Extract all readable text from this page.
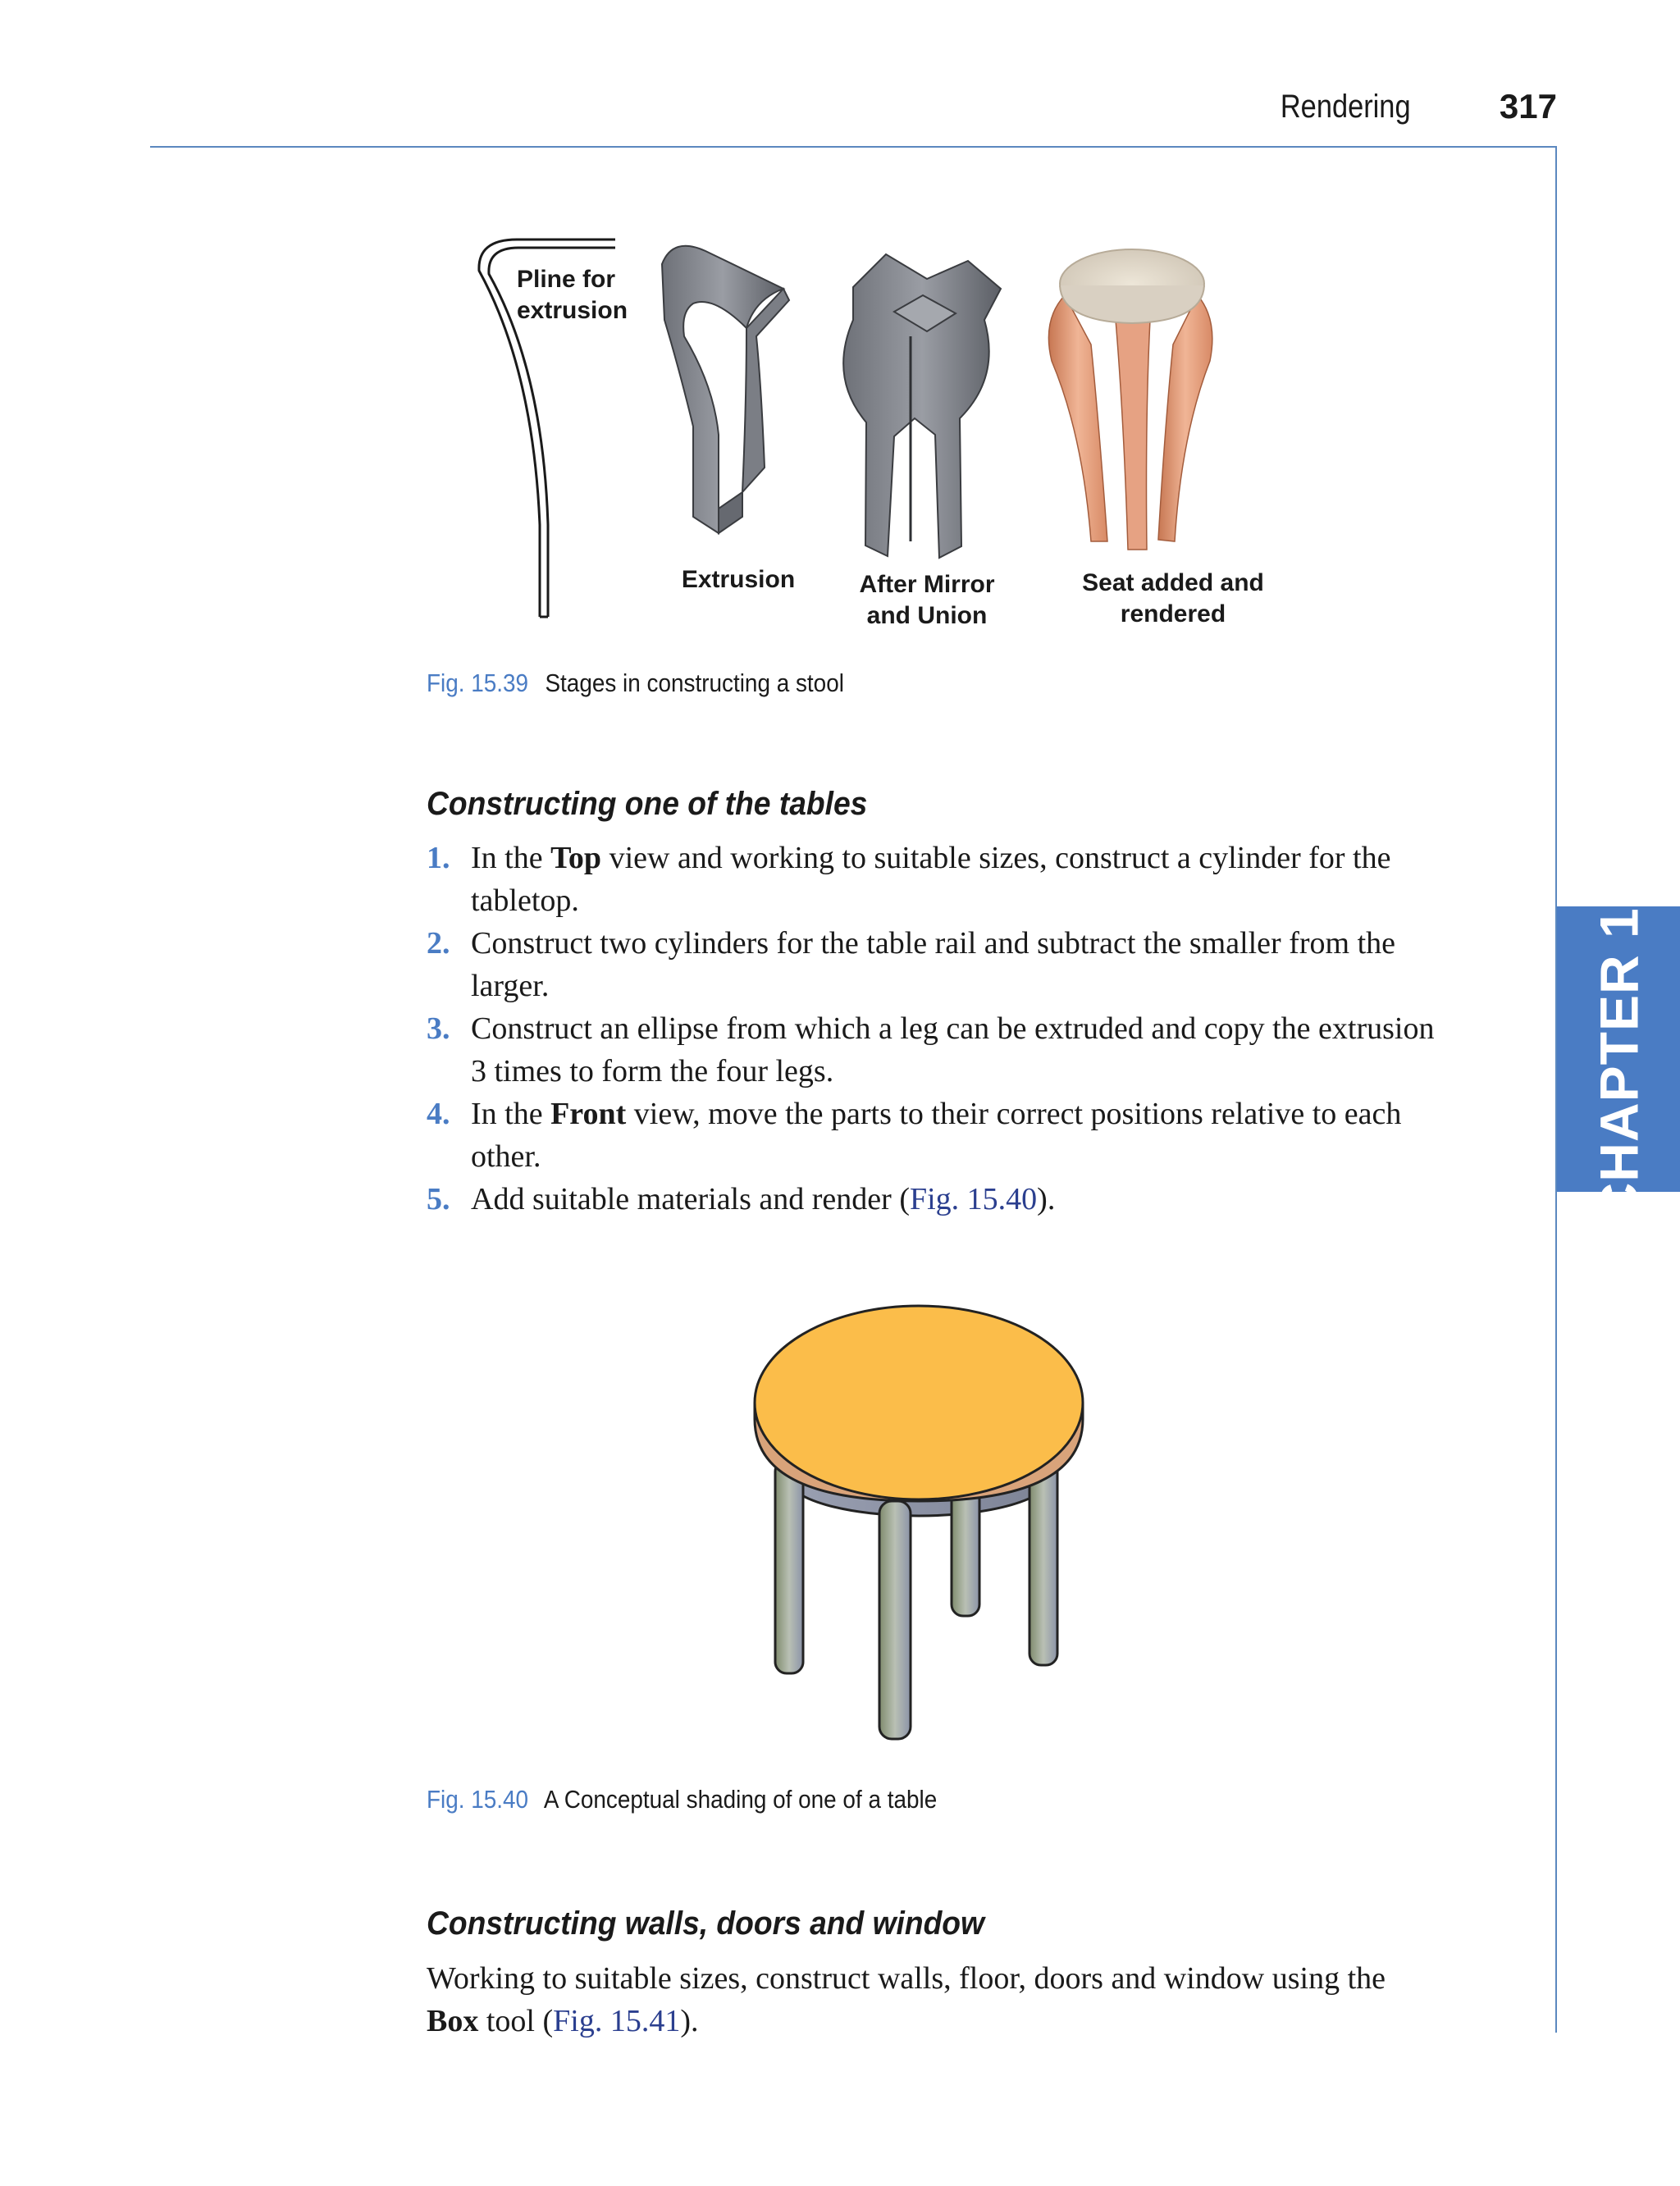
Rendering	317
CHAPTER 15
Pline for
extrusion
Extrusion	After Mirror
and Union
Seat added and
rendered
Fig. 15.39 Stages in constructing a stool
Constructing one of the tables
1. In the Top view and working to suitable sizes, construct a cylinder for the tabletop.
2. Construct two cylinders for the table rail and subtract the smaller from the larger.
3. Construct an ellipse from which a leg can be extruded and copy the extrusion 3 times to form the four legs.
4. In the Front view, move the parts to their correct positions relative to each other.
5. Add suitable materials and render (Fig. 15.40).
Fig. 15.40 A Conceptual shading of one of a table
Constructing walls, doors and window

Working to suitable sizes, construct walls, floor, doors and window using the Box tool (Fig. 15.41).
